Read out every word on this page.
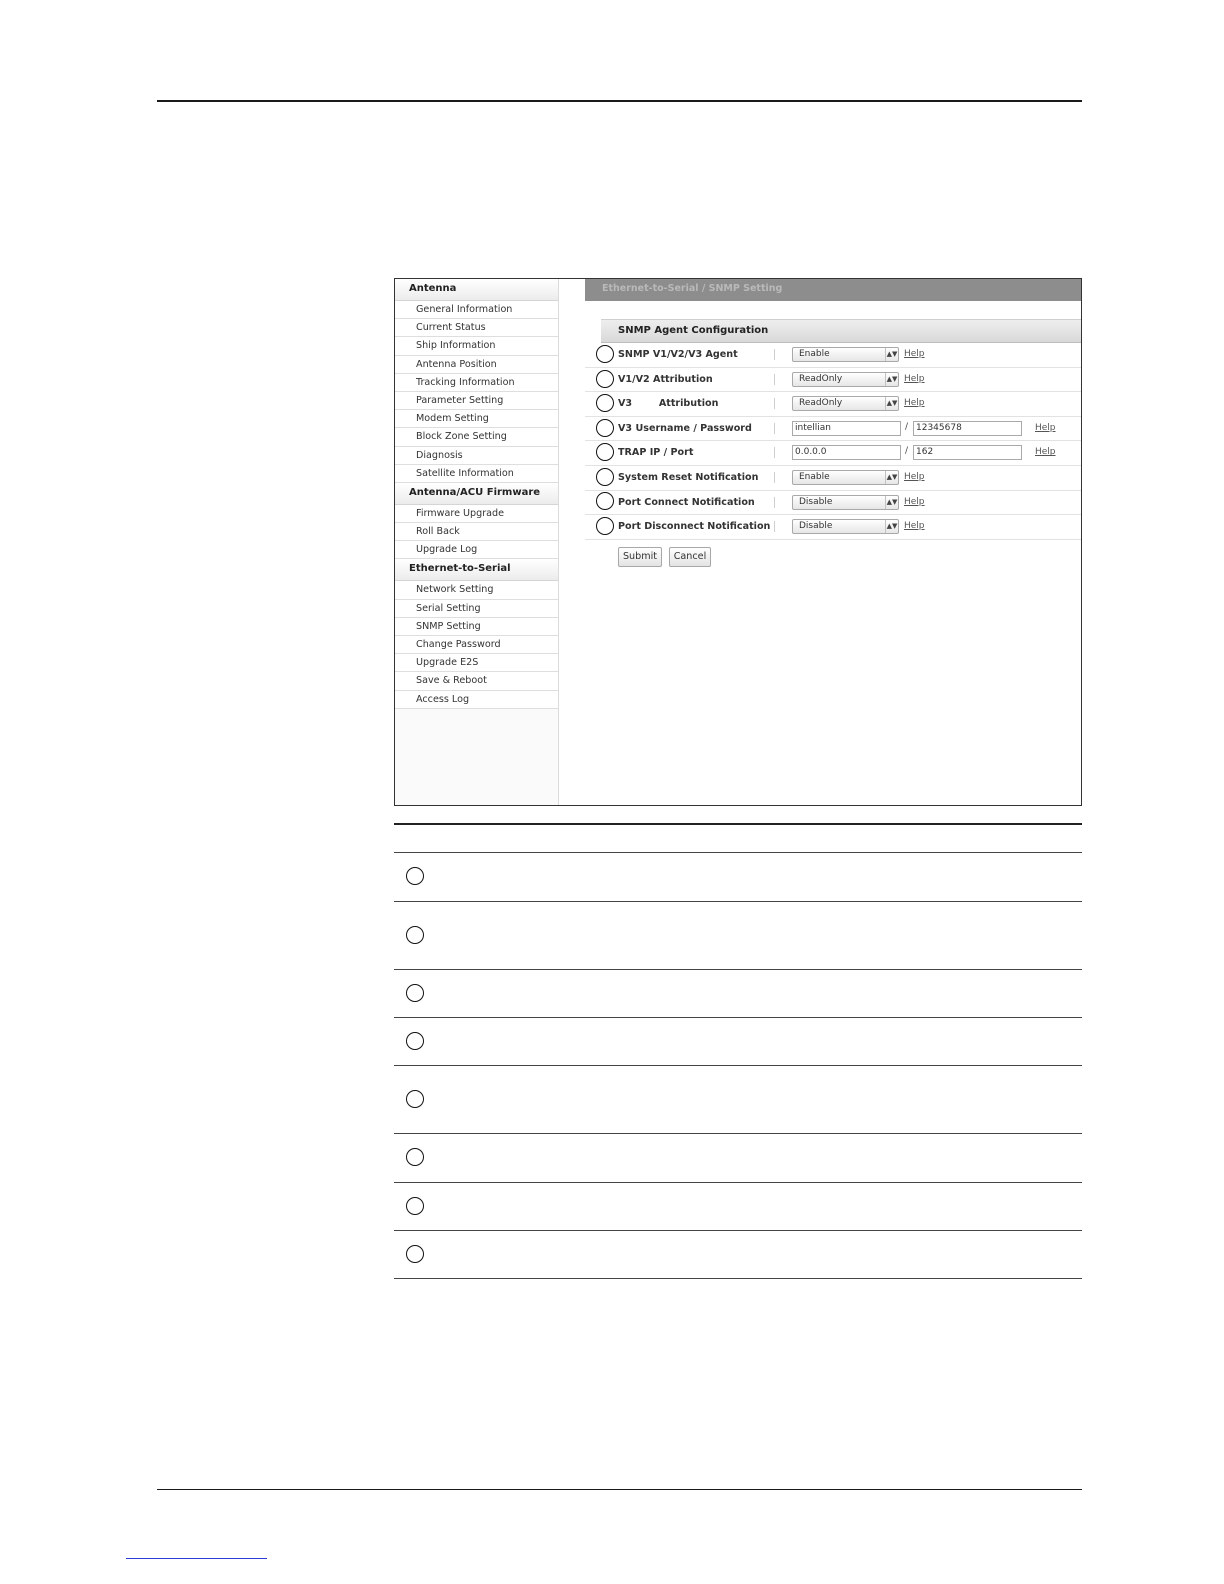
Antenna
General Information
Current Status
Ship Information
Antenna Position
Tracking Information
Parameter Setting
Modem Setting
Block Zone Setting
Diagnosis
Satellite Information
Antenna/ACU Firmware
Firmware Upgrade
Roll Back
Upgrade Log
Ethernet-to-Serial
Network Setting
Serial Setting
SNMP Setting
Change Password
Upgrade E2S
Save & Reboot
Access Log
Ethernet-to-Serial / SNMP Setting
SNMP Agent Configuration
SNMP V1/V2/V3 Agent	Enable	▲▼ Help
V1/V2 Attribution	ReadOnly	▲▼ Help
V3        Attribution	ReadOnly	▲▼ Help
V3 Username / Password	intellian	/ 12345678	Help
TRAP IP / Port	0.0.0.0	/ 162	Help
System Reset Notification	Enable	▲▼ Help
Port Connect Notification	Disable	▲▼ Help
Port Disconnect Notification	Disable	▲▼ Help
Submit	Cancel
